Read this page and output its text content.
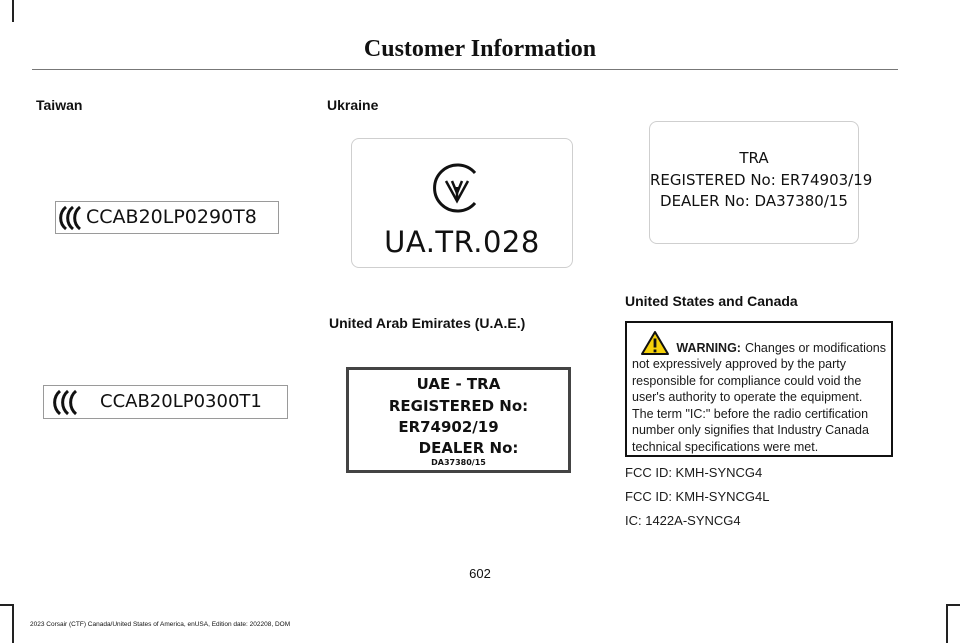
Customer Information
Taiwan
CCAB20LP0290T8
CCAB20LP0300T1
Ukraine
UA.TR.028
TRA
REGISTERED No: ER74903/19
DEALER No: DA37380/15
United Arab Emirates (U.A.E.)
UAE - TRA
REGISTERED No:
ER74902/19
DEALER No:
DA37380/15
United States and Canada
WARNING: Changes or modifications
not expressively approved by the party responsible for compliance could void the user's authority to operate the equipment. The term "IC:" before the radio certification number only signifies that Industry Canada technical specifications were met.
FCC ID: KMH-SYNCG4
FCC ID: KMH-SYNCG4L
IC: 1422A-SYNCG4
602
2023 Corsair (CTF) Canada/United States of America, enUSA, Edition date: 202208, DOM
